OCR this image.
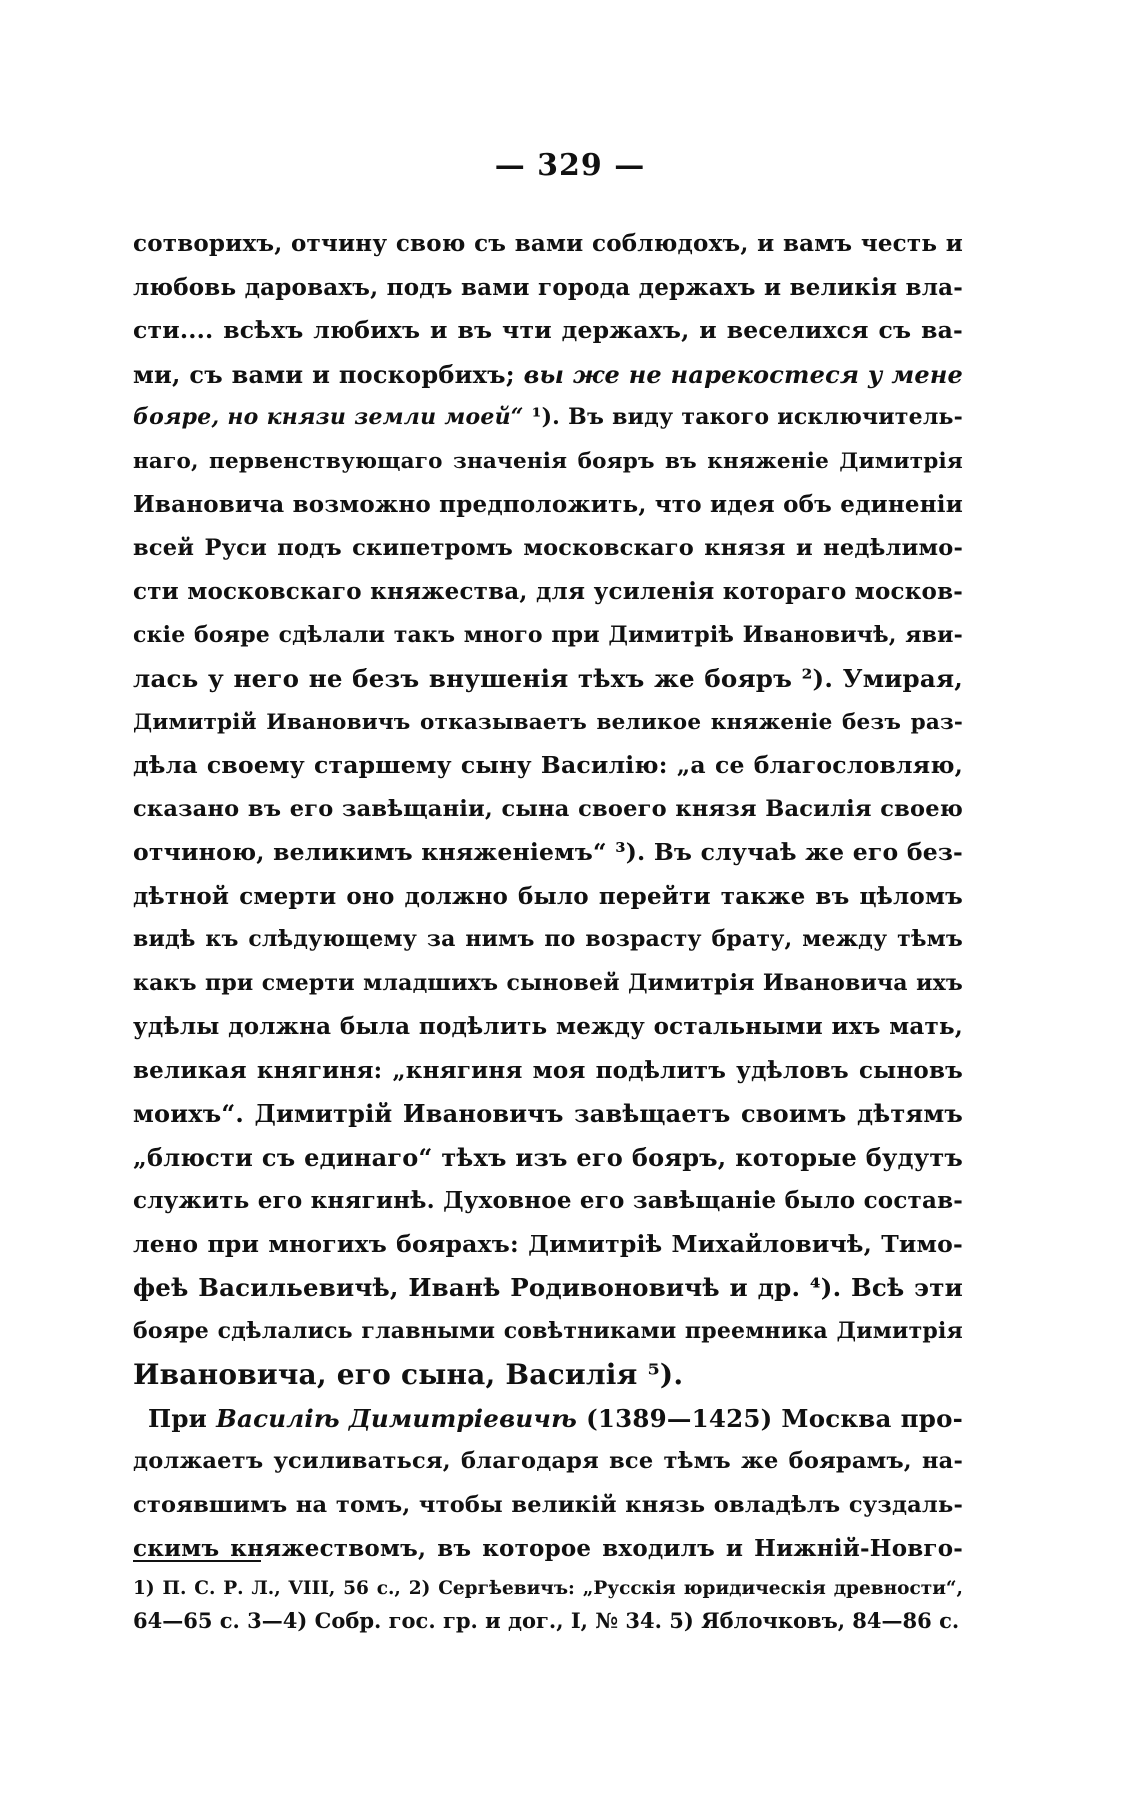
— 329 —
сотворихъ, отчину свою съ вами соблюдохъ, и вамъ честь и
любовь даровахъ, подъ вами города держахъ и великія вла-
сти.... всѣхъ любихъ и въ чти держахъ, и веселихся съ ва-
ми, съ вами и поскорбихъ; вы же не нарекостеся у мене
бояре, но князи земли моей“ ¹). Въ виду такого исключитель-
наго, первенствующаго значенія бояръ въ княженіе Димитрія
Ивановича возможно предположить, что идея объ единеніи
всей Руси подъ скипетромъ московскаго князя и недѣлимо-
сти московскаго княжества, для усиленія котораго москов-
скіе бояре сдѣлали такъ много при Димитріѣ Ивановичѣ, яви-
лась у него не безъ внушенія тѣхъ же бояръ ²). Умирая,
Димитрій Ивановичъ отказываетъ великое княженіе безъ раз-
дѣла своему старшему сыну Василію: „а се благословляю,
сказано въ его завѣщаніи, сына своего князя Василія своею
отчиною, великимъ княженіемъ“ ³). Въ случаѣ же его без-
дѣтной смерти оно должно было перейти также въ цѣломъ
видѣ къ слѣдующему за нимъ по возрасту брату, между тѣмъ
какъ при смерти младшихъ сыновей Димитрія Ивановича ихъ
удѣлы должна была подѣлить между остальными ихъ мать,
великая княгиня: „княгиня моя подѣлитъ удѣловъ сыновъ
моихъ“. Димитрій Ивановичъ завѣщаетъ своимъ дѣтямъ
„блюсти съ единаго“ тѣхъ изъ его бояръ, которые будутъ
служить его княгинѣ. Духовное его завѣщаніе было состав-
лено при многихъ боярахъ: Димитріѣ Михайловичѣ, Тимо-
феѣ Васильевичѣ, Иванѣ Родивоновичѣ и др. ⁴). Всѣ эти
бояре сдѣлались главными совѣтниками преемника Димитрія
Ивановича, его сына, Василія ⁵).
При Василіѣ Димитріевичѣ (1389—1425) Москва про-
должаетъ усиливаться, благодаря все тѣмъ же боярамъ, на-
стоявшимъ на томъ, чтобы великій князь овладѣлъ суздаль-
скимъ княжествомъ, въ которое входилъ и Нижній-Новго-
1) П. С. Р. Л., VIII, 56 с., 2) Сергѣевичъ: „Русскія юридическія древности“,
64—65 с. 3—4) Собр. гос. гр. и дог., I, № 34. 5) Яблочковъ, 84—86 с.
